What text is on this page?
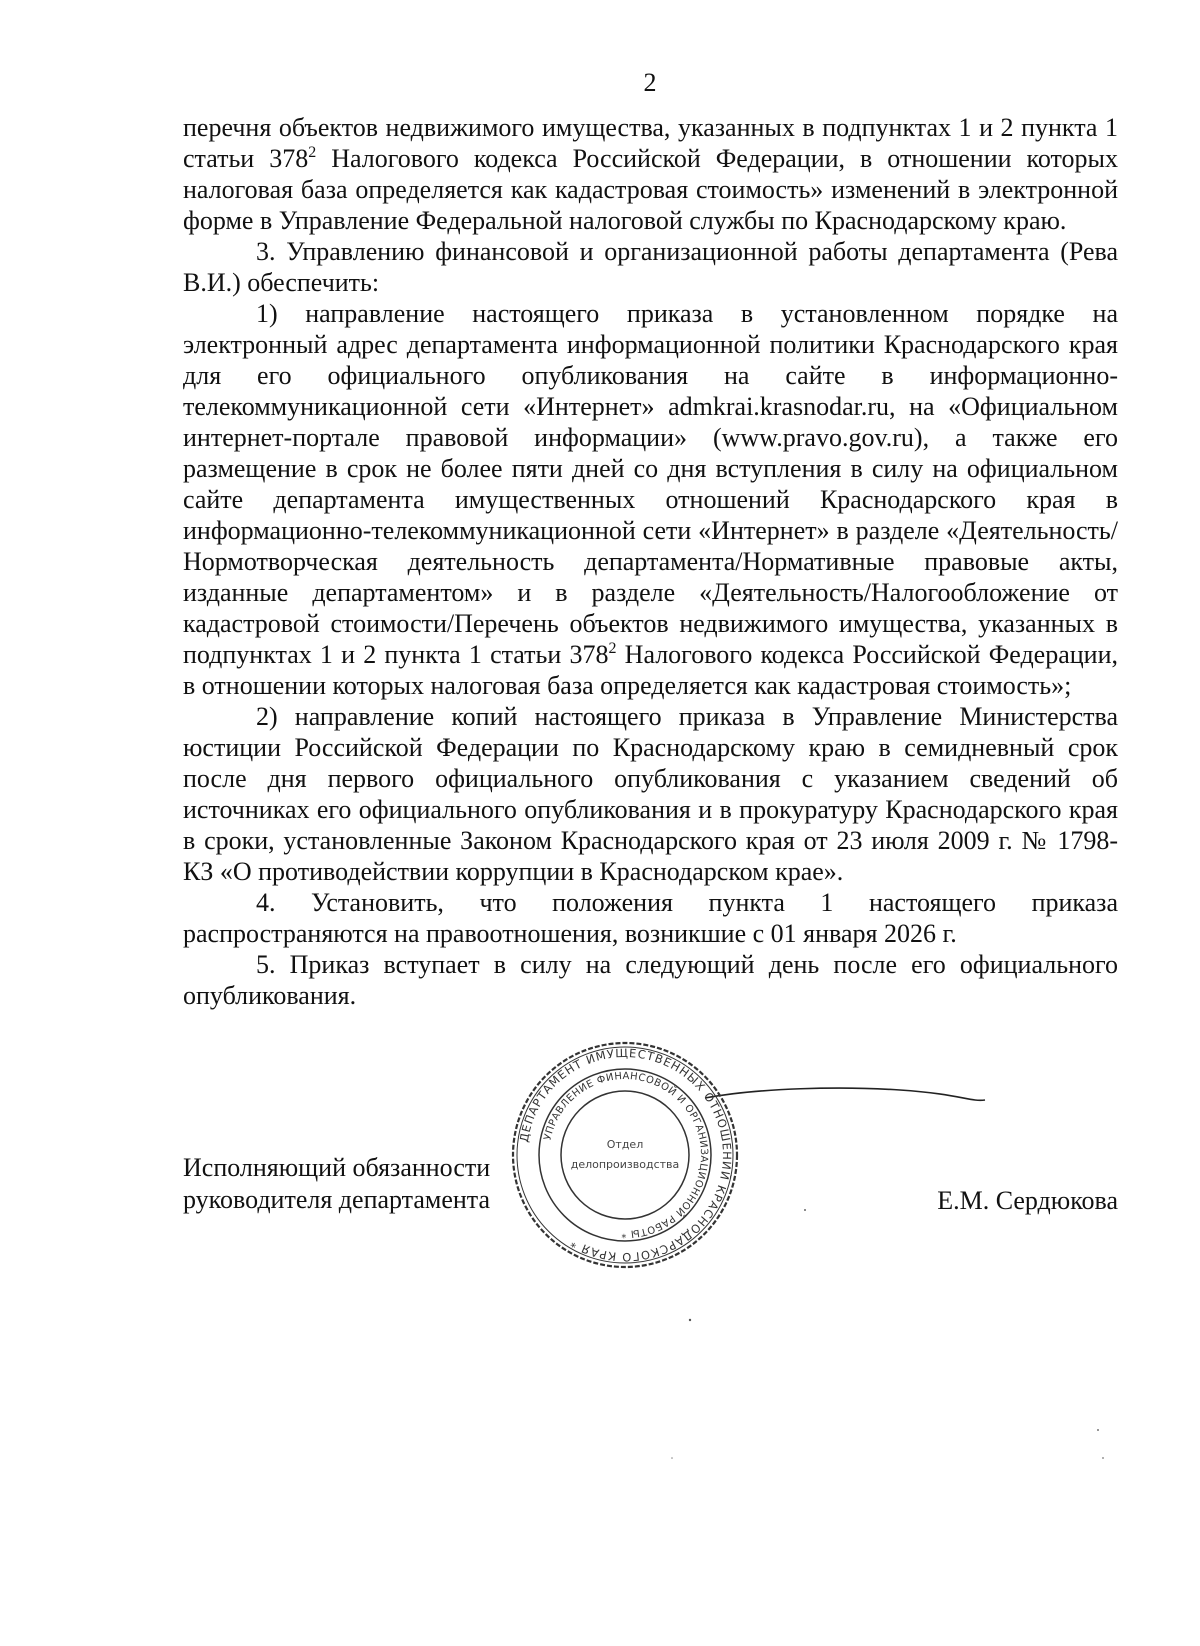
2

перечня объектов недвижимого имущества, указанных в подпунктах 1 и 2 пункта 1 статьи $378^2$ Налогового кодекса Российской Федерации, в отношении которых налоговая база определяется как кадастровая стоимость» изменений в электронной форме в Управление Федеральной налоговой службы по Краснодарскому краю.

3. Управлению финансовой и организационной работы департамента (Рева В.И.) обеспечить:

1) направление настоящего приказа в установленном порядке на электронный адрес департамента информационной политики Краснодарского края для его официального опубликования на сайте в информационно-телекоммуникационной сети «Интернет» admkrai.krasnodar.ru, на «Официальном интернет-портале правовой информации» (www.pravo.gov.ru), а также его размещение в срок не более пяти дней со дня вступления в силу на официальном сайте департамента имущественных отношений Краснодарского края в информационно-телекоммуникационной сети «Интернет» в разделе «Деятельность/Нормотворческая деятельность департамента/Нормативные правовые акты, изданные департаментом» и в разделе «Деятельность/Налогообложение от кадастровой стоимости/Перечень объектов недвижимого имущества, указанных в подпунктах 1 и 2 пункта 1 статьи $378^2$ Налогового кодекса Российской Федерации, в отношении которых налоговая база определяется как кадастровая стоимость»;

2) направление копий настоящего приказа в Управление Министерства юстиции Российской Федерации по Краснодарскому краю в семидневный срок после дня первого официального опубликования с указанием сведений об источниках его официального опубликования и в прокуратуру Краснодарского края в сроки, установленные Законом Краснодарского края от 23 июля 2009 г. № 1798-КЗ «О противодействии коррупции в Краснодарском крае».

4. Установить, что положения пункта 1 настоящего приказа распространяются на правоотношения, возникшие с 01 января 2026 г.

5. Приказ вступает в силу на следующий день после его официального опубликования.

Исполняющий обязанности
руководителя департамента	Е.М. Сердюкова
ДЕПАРТАМЕНТ ИМУЩЕСТВЕННЫХ ОТНОШЕНИЙ КРАСНОДАРСКОГО КРАЯ *
УПРАВЛЕНИЕ ФИНАНСОВОЙ И ОРГАНИЗАЦИОННОЙ РАБОТЫ *
Отдел
делопроизводства
